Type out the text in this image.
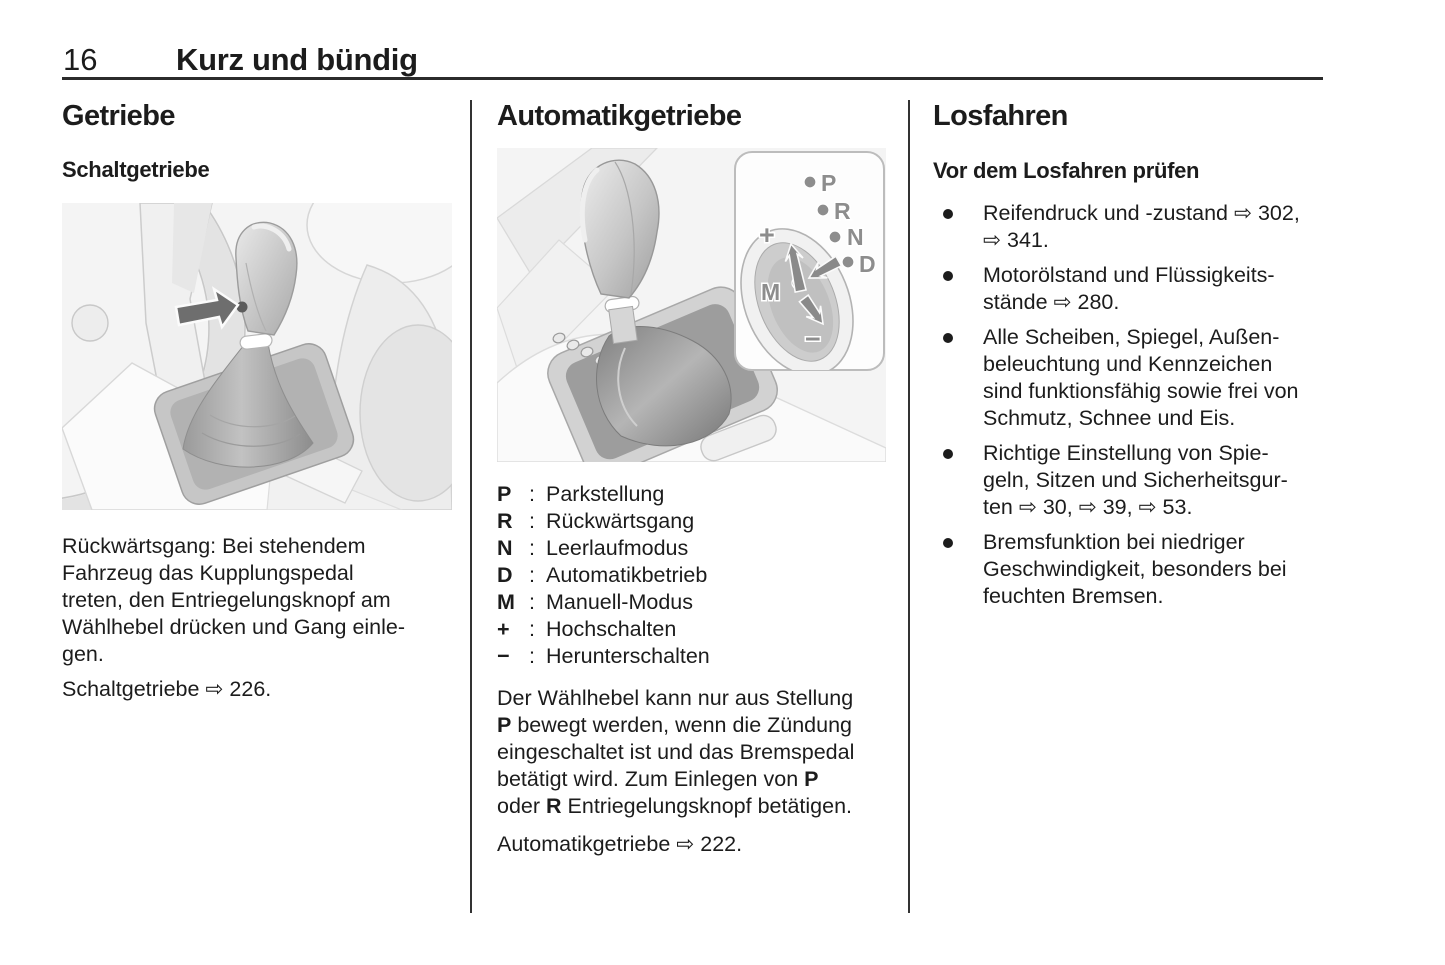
16	Kurz und bündig
Getriebe
Schaltgetriebe
Rückwärtsgang: Bei stehendem
Fahrzeug das Kupplungspedal
treten, den Entriegelungsknopf am
Wählhebel drücken und Gang einle-
gen.
Schaltgetriebe ⇨ 226.
Automatikgetriebe
P
R
N
D
M
+
−
P : Parkstellung
R : Rückwärtsgang
N : Leerlaufmodus
D : Automatikbetrieb
M : Manuell-Modus
+ : Hochschalten
− : Herunterschalten
Der Wählhebel kann nur aus Stellung
P bewegt werden, wenn die Zündung
eingeschaltet ist und das Bremspedal
betätigt wird. Zum Einlegen von P
oder R Entriegelungsknopf betätigen.
Automatikgetriebe ⇨ 222.
Losfahren
Vor dem Losfahren prüfen
Reifendruck und -zustand ⇨ 302,
⇨ 341.
Motorölstand und Flüssigkeits-
stände ⇨ 280.
Alle Scheiben, Spiegel, Außen-
beleuchtung und Kennzeichen
sind funktionsfähig sowie frei von
Schmutz, Schnee und Eis.
Richtige Einstellung von Spie-
geln, Sitzen und Sicherheitsgur-
ten ⇨ 30, ⇨ 39, ⇨ 53.
Bremsfunktion bei niedriger
Geschwindigkeit, besonders bei
feuchten Bremsen.
